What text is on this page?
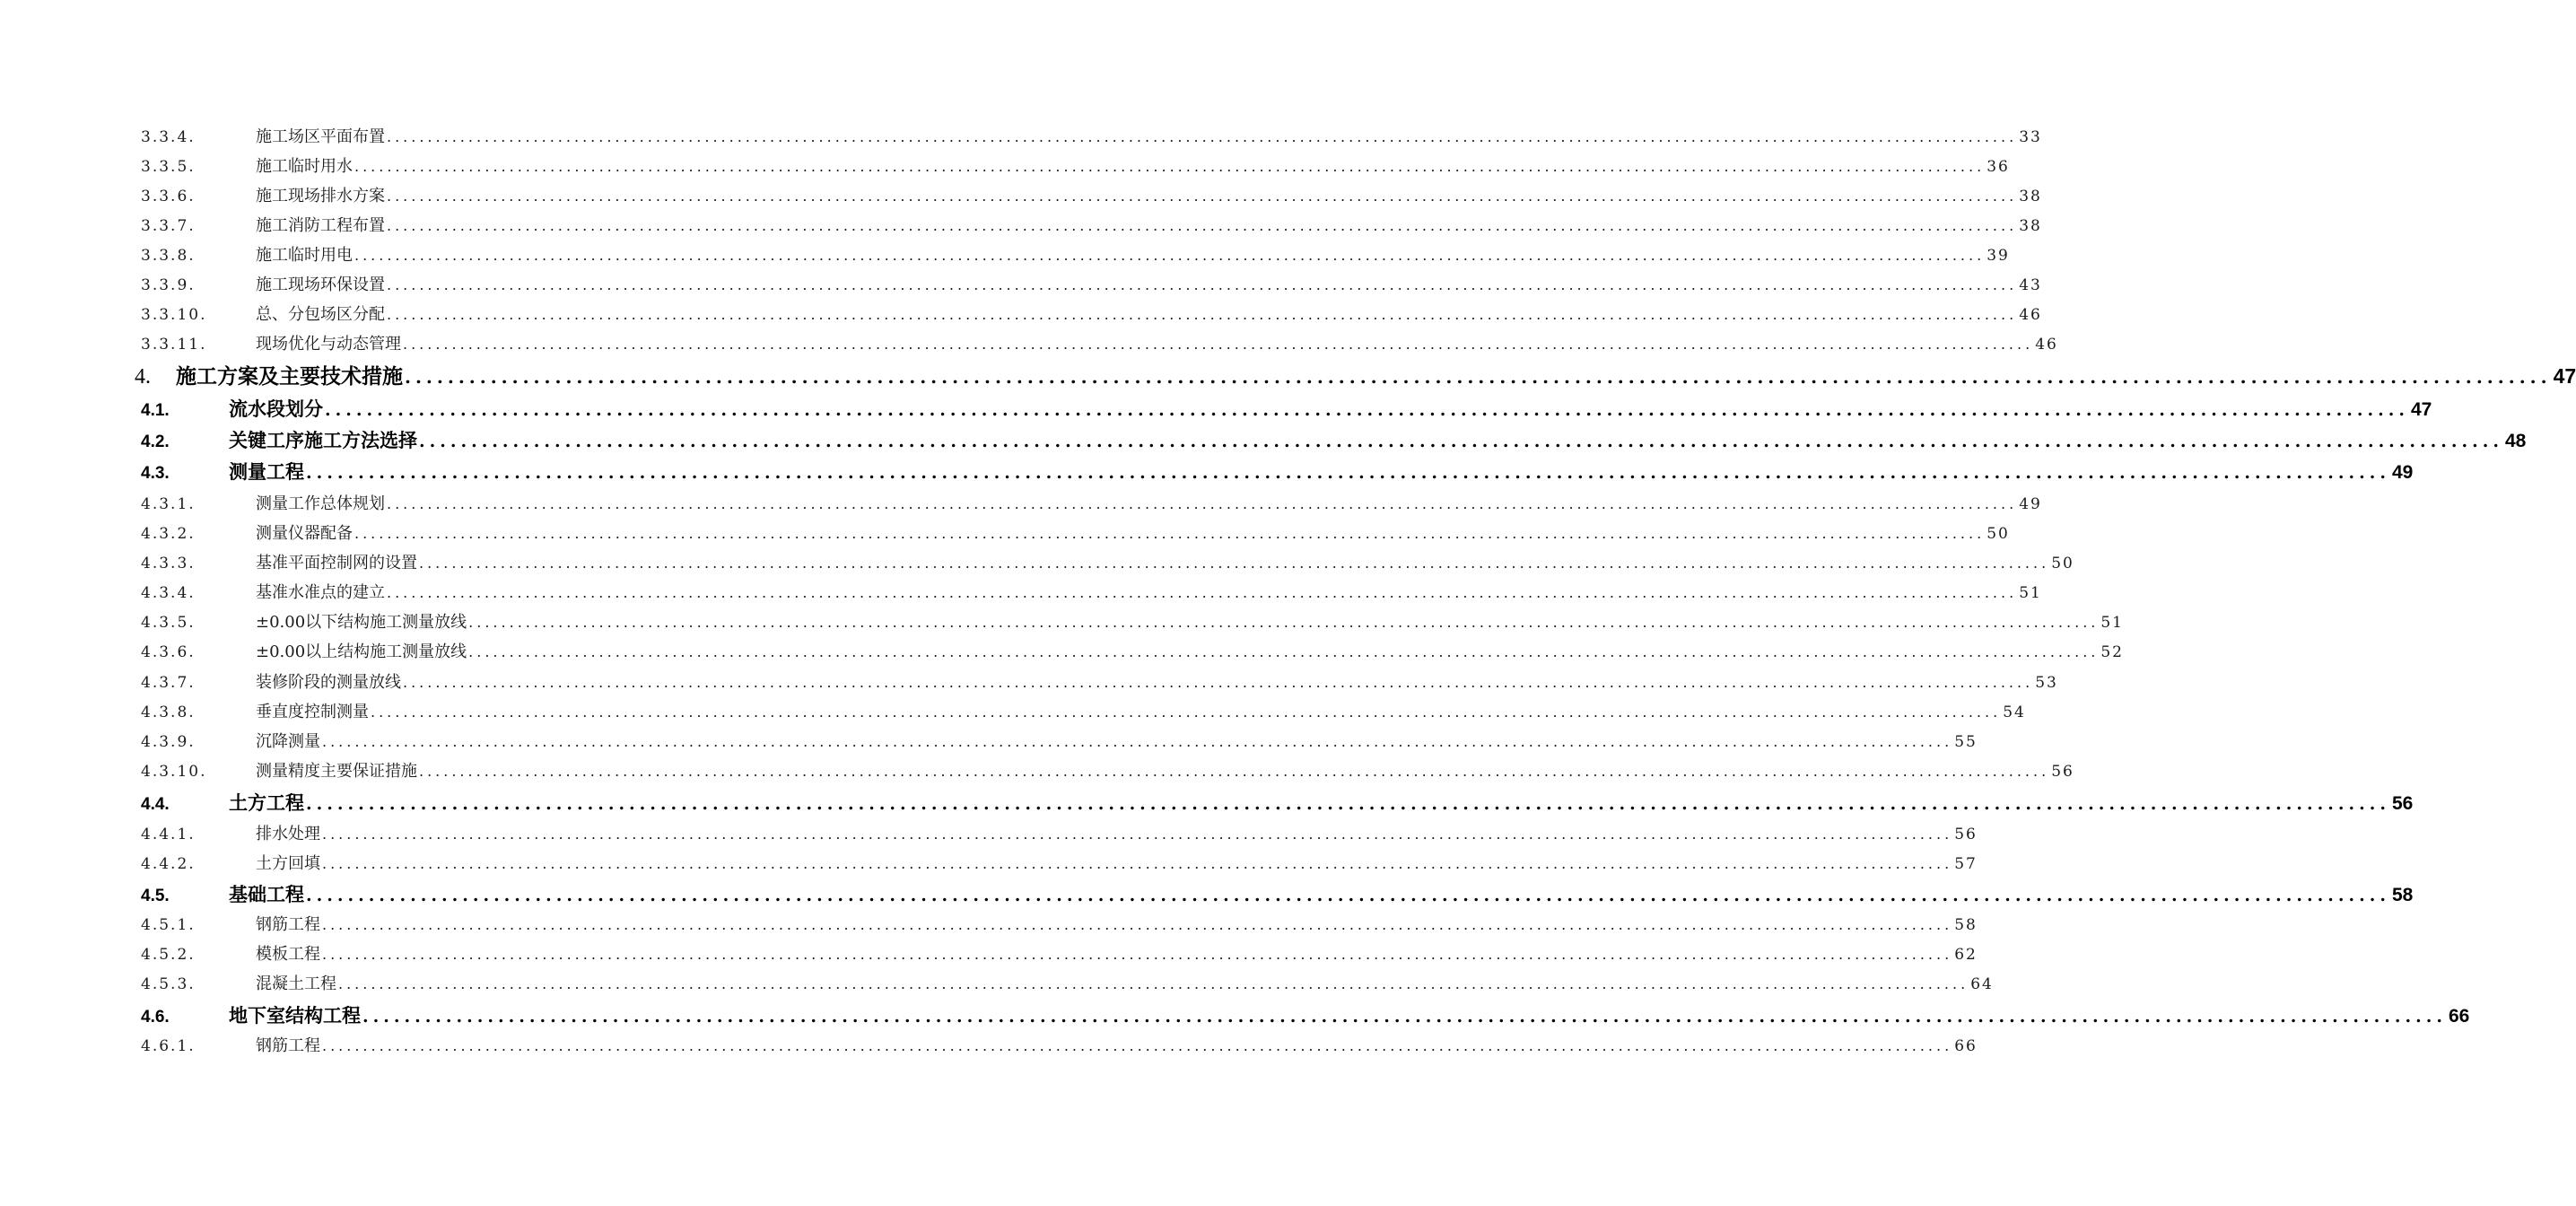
3.3.4.	施工场区平面布置 ........................................................................................................................................................................................................ 33
3.3.5.	施工临时用水 ........................................................................................................................................................................................................ 36
3.3.6.	施工现场排水方案 ........................................................................................................................................................................................................ 38
3.3.7.	施工消防工程布置 ........................................................................................................................................................................................................ 38
3.3.8.	施工临时用电 ........................................................................................................................................................................................................ 39
3.3.9.	施工现场环保设置 ........................................................................................................................................................................................................ 43
3.3.10.	总、分包场区分配 ........................................................................................................................................................................................................ 46
3.3.11.	现场优化与动态管理 ........................................................................................................................................................................................................ 46
4.	施工方案及主要技术措施 ........................................................................................................................................................................................................ 47
4.1.	流水段划分 ........................................................................................................................................................................................................ 47
4.2.	关键工序施工方法选择 ........................................................................................................................................................................................................ 48
4.3.	测量工程 ........................................................................................................................................................................................................ 49
4.3.1.	测量工作总体规划 ........................................................................................................................................................................................................ 49
4.3.2.	测量仪器配备 ........................................................................................................................................................................................................ 50
4.3.3.	基准平面控制网的设置 ........................................................................................................................................................................................................ 50
4.3.4.	基准水准点的建立 ........................................................................................................................................................................................................ 51
4.3.5.	±0.00以下结构施工测量放线 ........................................................................................................................................................................................................ 51
4.3.6.	±0.00以上结构施工测量放线 ........................................................................................................................................................................................................ 52
4.3.7.	装修阶段的测量放线 ........................................................................................................................................................................................................ 53
4.3.8.	垂直度控制测量 ........................................................................................................................................................................................................ 54
4.3.9.	沉降测量 ........................................................................................................................................................................................................ 55
4.3.10.	测量精度主要保证措施 ........................................................................................................................................................................................................ 56
4.4.	土方工程 ........................................................................................................................................................................................................ 56
4.4.1.	排水处理 ........................................................................................................................................................................................................ 56
4.4.2.	土方回填 ........................................................................................................................................................................................................ 57
4.5.	基础工程 ........................................................................................................................................................................................................ 58
4.5.1.	钢筋工程 ........................................................................................................................................................................................................ 58
4.5.2.	模板工程 ........................................................................................................................................................................................................ 62
4.5.3.	混凝土工程 ........................................................................................................................................................................................................ 64
4.6.	地下室结构工程 ........................................................................................................................................................................................................ 66
4.6.1.	钢筋工程 ........................................................................................................................................................................................................ 66
